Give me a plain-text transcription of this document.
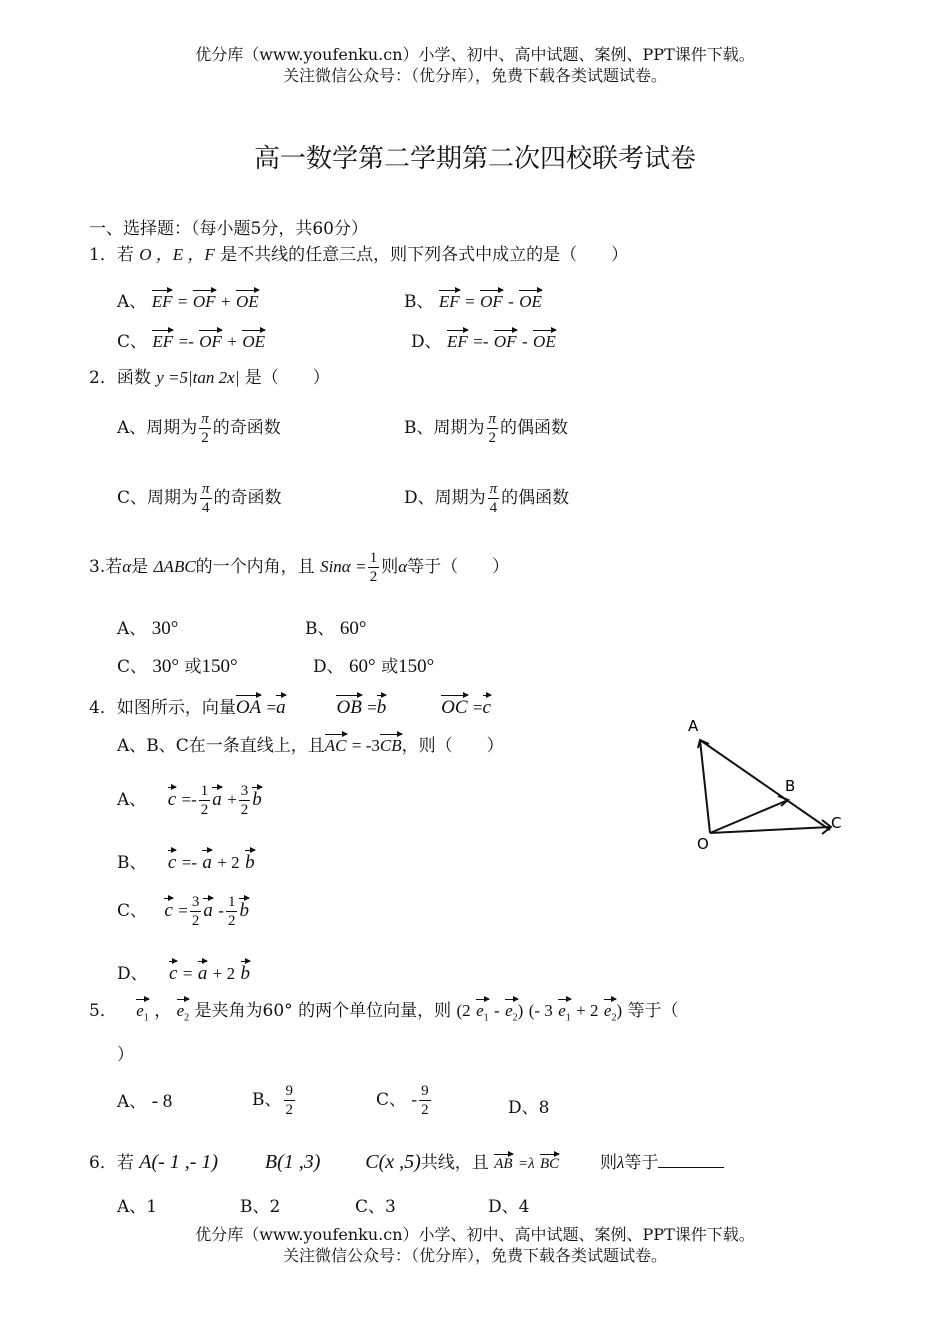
优分库（www.youfenku.cn）小学、初中、高中试题、案例、PPT课件下载。
关注微信公众号：（优分库），免费下载各类试题试卷。
高一数学第二学期第二次四校联考试卷
一、选择题：（每小题5分，共60分）
1．若 O ，E ，F 是不共线的任意三点，则下列各式中成立的是（　　）
A、 EF = OF + OE	B、 EF = OF - OE
C、 EF =- OF + OE	D、 EF =- OF - OE
2．函数 y =5|tan 2x| 是（　　）
A、周期为 $\frac{\pi}{2}$ 的奇函数	B、周期为 $\frac{\pi}{2}$ 的偶函数
C、周期为 $\frac{\pi}{4}$ 的奇函数	D、周期为 $\frac{\pi}{4}$ 的偶函数
3.若α是 ΔABC的一个内角，且 $Sin\alpha = \frac{1}{2}$ 则α等于（　　）
A、 30°	B、 60°
C、 30° 或150°	D、 60° 或150°
4．如图所示，向量OA =a	OB =b	OC =c
A、B、C在一条直线上，且AC = -3CB，则（　　）
A、 $c =- \frac{1}{2}$ $a + \frac{3}{2}$ b
B、 c =- a + 2 b
C、 $c = \frac{3}{2}$ a - $\frac{1}{2}$ b
D、 c = a + 2 b
A
B
C
O
5． $e_1$ ， $e_2$ 是夹角为60° 的两个单位向量，则 (2 $e_1 - e_2$) (- 3 $e_1 + 2$ $e_2$) 等于（
）
A、 - 8	B、 $\frac{9}{2}$	C、 - $\frac{9}{2}$	D、8
6．若 A(- 1 ,- 1) B(1 ,3) C(x ,5)共线，且 AB =λ BC 则λ等于
A、1	B、2	C、3	D、4
优分库（www.youfenku.cn）小学、初中、高中试题、案例、PPT课件下载。
关注微信公众号：（优分库），免费下载各类试题试卷。
